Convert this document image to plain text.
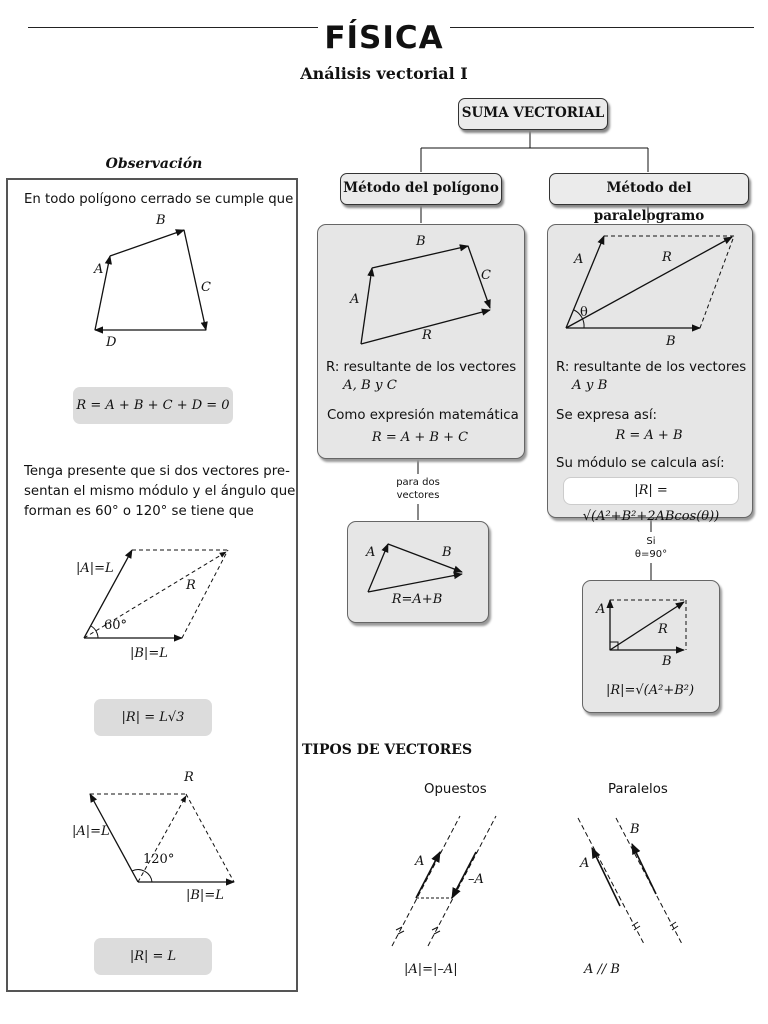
FÍSICA
Análisis vectorial I
Observación
En todo polígono cerrado se cumple que
B
C
A
D
R = A + B + C + D = 0
Tenga presente que si dos vectores pre-
sentan el mismo módulo y el ángulo que
forman es 60° o 120° se tiene que
|A|=L
R
60°
|B|=L
|R| = L√3
R
|A|=L
120°
|B|=L
|R| = L
SUMA VECTORIAL
Método del polígono	Método del paralelogramo
B
C
A
R
R: resultante de los vectores
A, B y C
Como expresión matemática
R = A + B + C
para dos
vectores
A	B
R=A+B
A	R
θ
B
R: resultante de los vectores
A y B
Se expresa así:
R = A + B
Su módulo se calcula así:
|R| = √(A²+B²+2ABcos(θ))
Si
θ=90°
A
R
B
|R|=√(A²+B²)
TIPOS DE VECTORES
Opuestos	Paralelos
A
–A
|A|=|–A|
B
A
A // B
